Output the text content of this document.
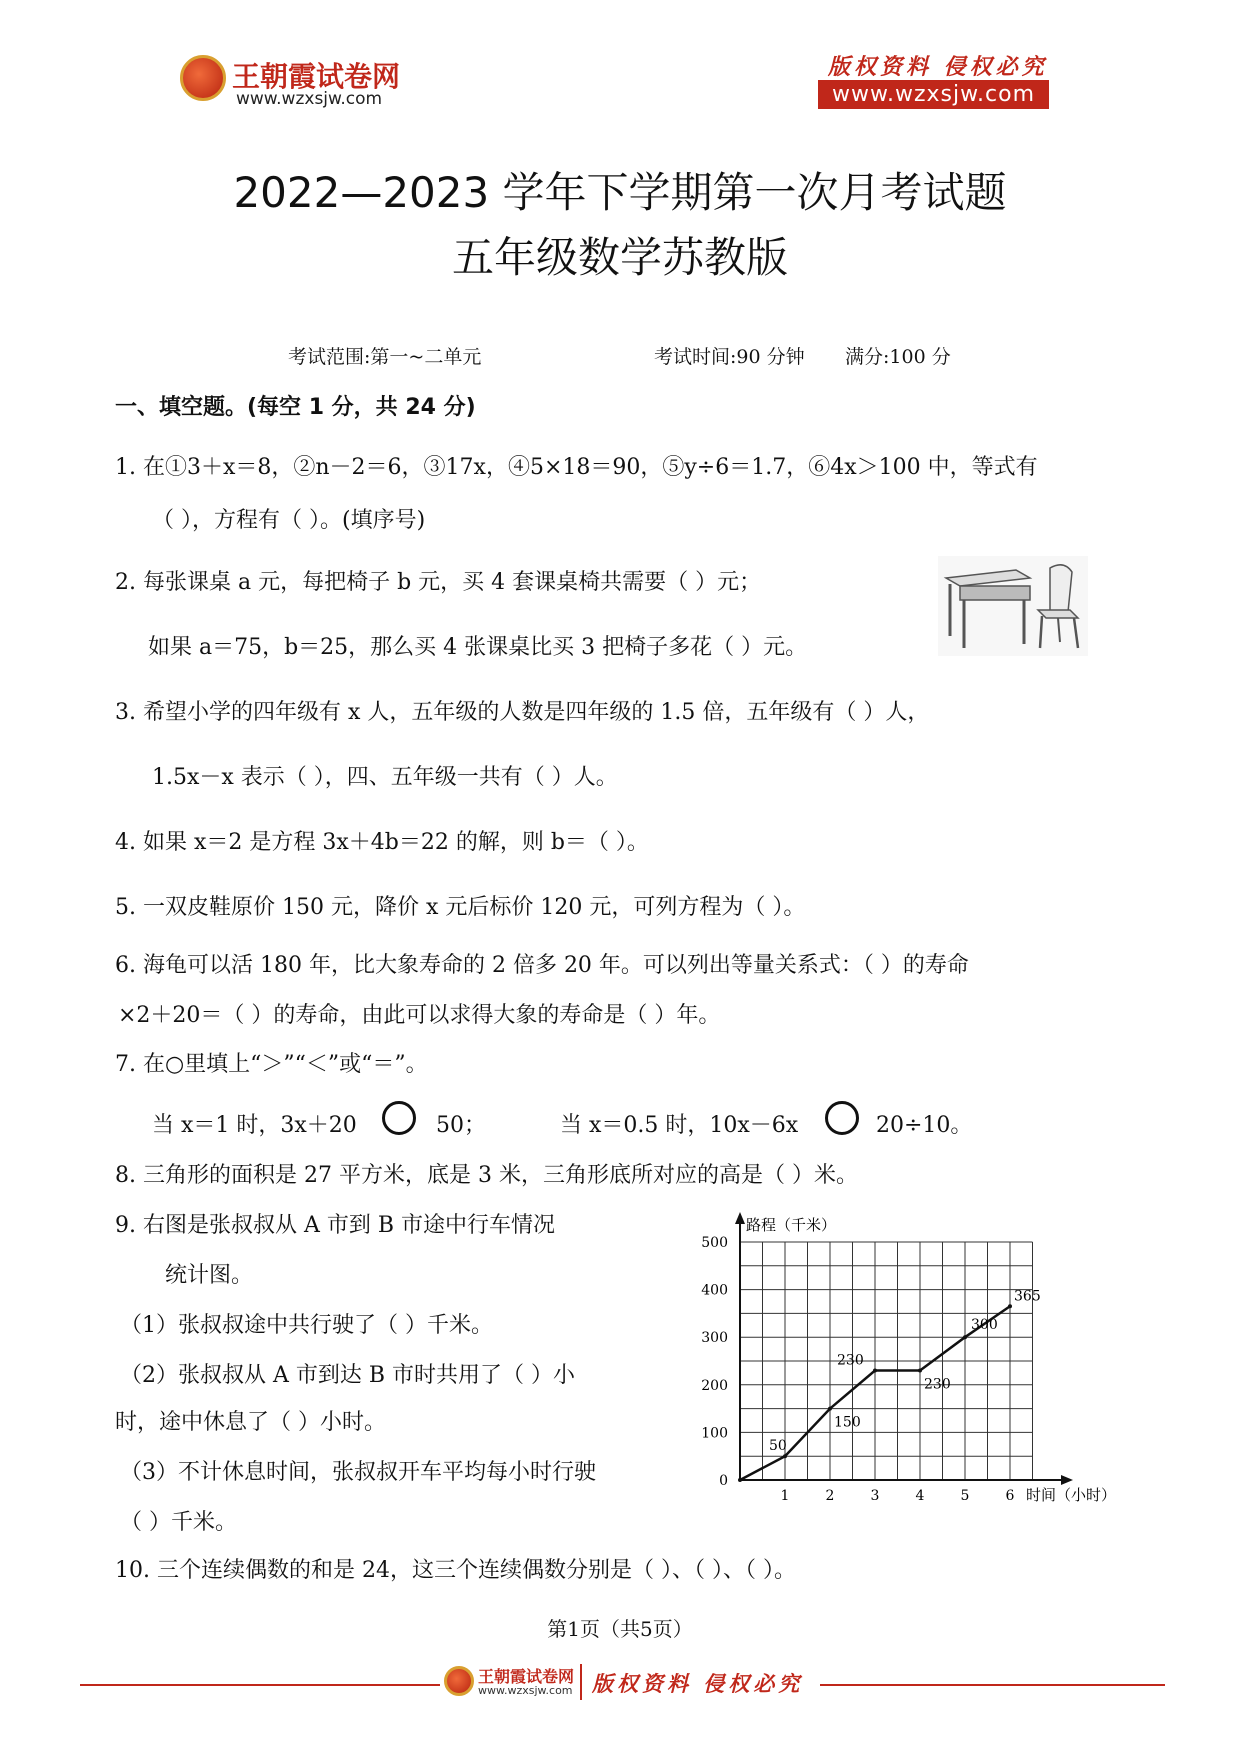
王朝霞试卷网
www.wzxsjw.com
版权资料 侵权必究
www.wzxsjw.com
2022—2023 学年下学期第一次月考试题
五年级数学苏教版
考试范围:第一~二单元	考试时间:90 分钟 满分:100 分
一、填空题。(每空 1 分，共 24 分)
1. 在①3＋x＝8，②n－2＝6，③17x，④5×18＝90，⑤y÷6＝1.7，⑥4x＞100 中，等式有
（ ），方程有（ ）。(填序号)
2. 每张课桌 a 元，每把椅子 b 元，买 4 套课桌椅共需要（ ）元；
如果 a＝75，b＝25，那么买 4 张课桌比买 3 把椅子多花（ ）元。
3. 希望小学的四年级有 x 人，五年级的人数是四年级的 1.5 倍，五年级有（ ）人，
1.5x－x 表示（ ），四、五年级一共有（ ）人。
4. 如果 x＝2 是方程 3x＋4b＝22 的解，则 b＝（ ）。
5. 一双皮鞋原价 150 元，降价 x 元后标价 120 元，可列方程为（ ）。
6. 海龟可以活 180 年，比大象寿命的 2 倍多 20 年。可以列出等量关系式：（ ）的寿命
×2＋20＝（ ）的寿命，由此可以求得大象的寿命是（ ）年。
7. 在○里填上“＞”“＜”或“＝”。
当 x＝1 时，3x＋20	50；	当 x＝0.5 时，10x－6x	20÷10。
8. 三角形的面积是 27 平方米，底是 3 米，三角形底所对应的高是（ ）米。
9. 右图是张叔叔从 A 市到 B 市途中行车情况
统计图。
（1）张叔叔途中共行驶了（ ）千米。
（2）张叔叔从 A 市到达 B 市时共用了（ ）小
时，途中休息了（ ）小时。
（3）不计休息时间，张叔叔开车平均每小时行驶
（ ）千米。
0
100
200
300
400
500
1	2	3	4	5	6
路程（千米）
时间（小时）
50
150
230
230
300
365
10. 三个连续偶数的和是 24，这三个连续偶数分别是（ ）、（ ）、（ ）。
第1页（共5页）
王朝霞试卷网
www.wzxsjw.com 版权资料 侵权必究
